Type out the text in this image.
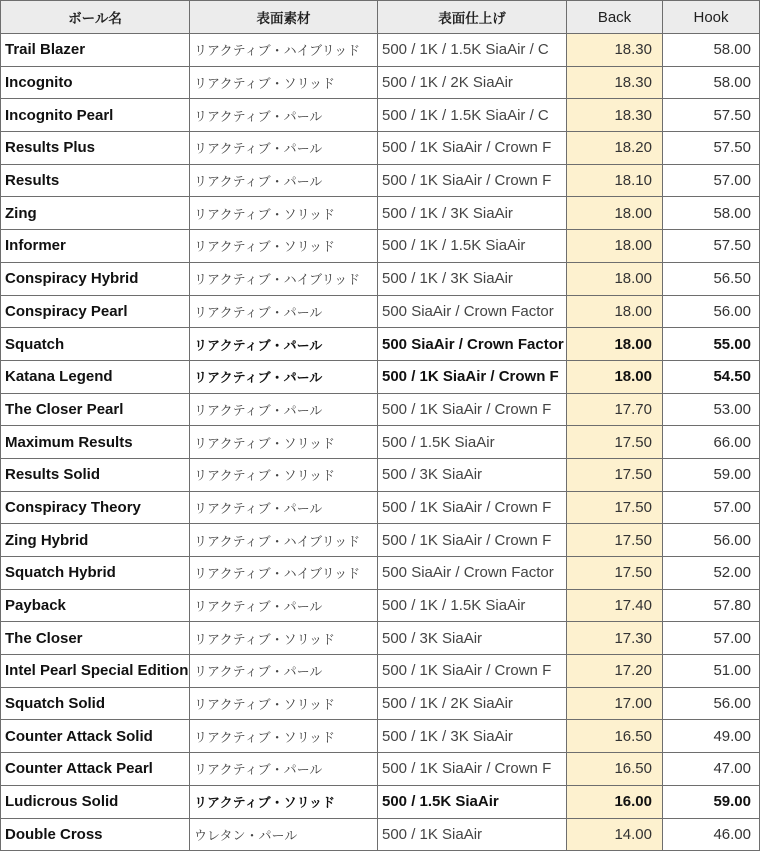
ボール名	表面素材	表面仕上げ	Back	Hook
Trail Blazer	リアクティブ・ハイブリッド	500 / 1K / 1.5K SiaAir / C	18.30	58.00
Incognito	リアクティブ・ソリッド	500 / 1K / 2K SiaAir	18.30	58.00
Incognito Pearl	リアクティブ・パール	500 / 1K / 1.5K SiaAir / C	18.30	57.50
Results Plus	リアクティブ・パール	500 / 1K SiaAir / Crown F	18.20	57.50
Results	リアクティブ・パール	500 / 1K SiaAir / Crown F	18.10	57.00
Zing	リアクティブ・ソリッド	500 / 1K / 3K SiaAir	18.00	58.00
Informer	リアクティブ・ソリッド	500 / 1K / 1.5K SiaAir	18.00	57.50
Conspiracy Hybrid	リアクティブ・ハイブリッド	500 / 1K / 3K SiaAir	18.00	56.50
Conspiracy Pearl	リアクティブ・パール	500 SiaAir / Crown Factor	18.00	56.00
Squatch	リアクティブ・パール	500 SiaAir / Crown Factor	18.00	55.00
Katana Legend	リアクティブ・パール	500 / 1K SiaAir / Crown F	18.00	54.50
The Closer Pearl	リアクティブ・パール	500 / 1K SiaAir / Crown F	17.70	53.00
Maximum Results	リアクティブ・ソリッド	500 / 1.5K SiaAir	17.50	66.00
Results Solid	リアクティブ・ソリッド	500 / 3K SiaAir	17.50	59.00
Conspiracy Theory	リアクティブ・パール	500 / 1K SiaAir / Crown F	17.50	57.00
Zing Hybrid	リアクティブ・ハイブリッド	500 / 1K SiaAir / Crown F	17.50	56.00
Squatch Hybrid	リアクティブ・ハイブリッド	500 SiaAir / Crown Factor	17.50	52.00
Payback	リアクティブ・パール	500 / 1K / 1.5K SiaAir	17.40	57.80
The Closer	リアクティブ・ソリッド	500 / 3K SiaAir	17.30	57.00
Intel Pearl Special Edition	リアクティブ・パール	500 / 1K SiaAir / Crown F	17.20	51.00
Squatch Solid	リアクティブ・ソリッド	500 / 1K / 2K SiaAir	17.00	56.00
Counter Attack Solid	リアクティブ・ソリッド	500 / 1K / 3K SiaAir	16.50	49.00
Counter Attack Pearl	リアクティブ・パール	500 / 1K SiaAir / Crown F	16.50	47.00
Ludicrous Solid	リアクティブ・ソリッド	500 / 1.5K SiaAir	16.00	59.00
Double Cross	ウレタン・パール	500 / 1K SiaAir	14.00	46.00
